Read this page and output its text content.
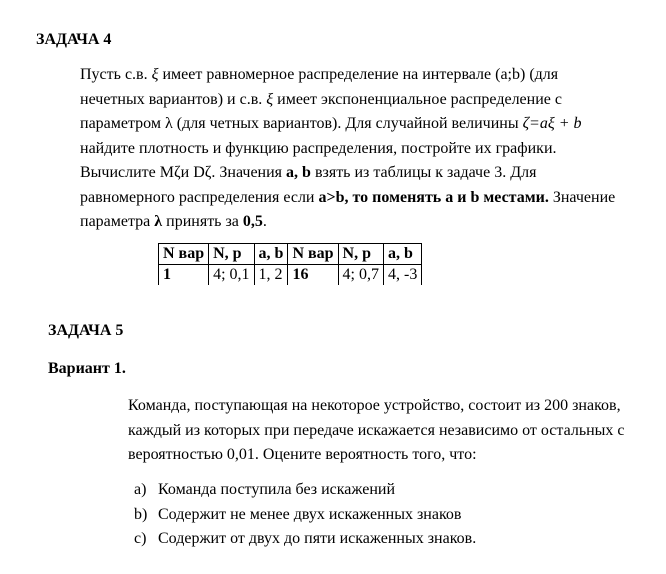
ЗАДАЧА 4
Пусть с.в. ξ имеет равномерное распределение на интервале (a;b) (для нечетных вариантов) и с.в. ξ имеет экспоненциальное распределение с параметром λ (для четных вариантов). Для случайной величины ζ=aξ + b найдите плотность и функцию распределения, постройте их графики. Вычислите Mζи Dζ. Значения a, b взять из таблицы к задаче 3. Для равномерного распределения если a>b, то поменять a и b местами. Значение параметра λ принять за 0,5.
N вар	N, p	a, b	N вар	N, p	a, b
1	4; 0,1	1, 2	16	4; 0,7	4, -3
ЗАДАЧА 5
Вариант 1.
Команда, поступающая на некоторое устройство, состоит из 200 знаков, каждый из которых при передаче искажается независимо от остальных с вероятностью 0,01. Оцените вероятность того, что:
a) Команда поступила без искажений
b) Содержит не менее двух искаженных знаков
c) Содержит от двух до пяти искаженных знаков.
